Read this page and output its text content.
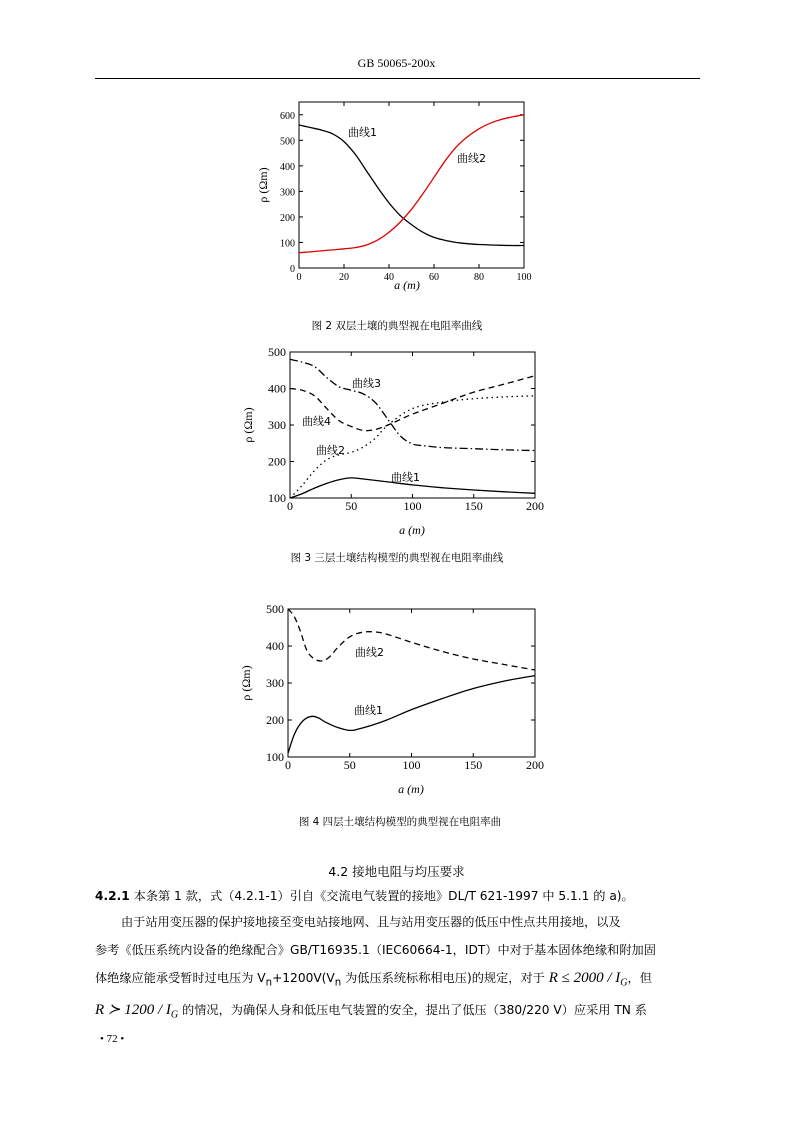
GB 50065-200x
0	20	40	60	80	100
0
100
200
300
400
500
600
曲线1
曲线2
ρ (Ωm)
a (m)
图 2 双层土壤的典型视在电阻率曲线
0	50	100	150	200
100
200
300
400
500
曲线3
曲线4
曲线2
曲线1
ρ (Ωm)
a (m)
图 3 三层土壤结构模型的典型视在电阻率曲线
0	50	100	150	200
100
200
300
400
500
曲线2
曲线1
ρ (Ωm)
a (m)
图 4 四层土壤结构模型的典型视在电阻率曲
4.2 接地电阻与均压要求
4.2.1 本条第 1 款，式（4.2.1-1）引自《交流电气装置的接地》DL/T 621-1997 中 5.1.1 的 a)。
由于站用变压器的保护接地接至变电站接地网、且与站用变压器的低压中性点共用接地，以及
参考《低压系统内设备的绝缘配合》GB/T16935.1（IEC60664-1，IDT）中对于基本固体绝缘和附加固
体绝缘应能承受暂时过电压为 $V_n+1200V(V_n$ 为低压系统标称相电压)的规定，对于 $R \le 2000 / I_G$，但
R ≻ $1200 / I_G$ 的情况，为确保人身和低压电气装置的安全，提出了低压（380/220 V）应采用 TN 系
• 72 •
